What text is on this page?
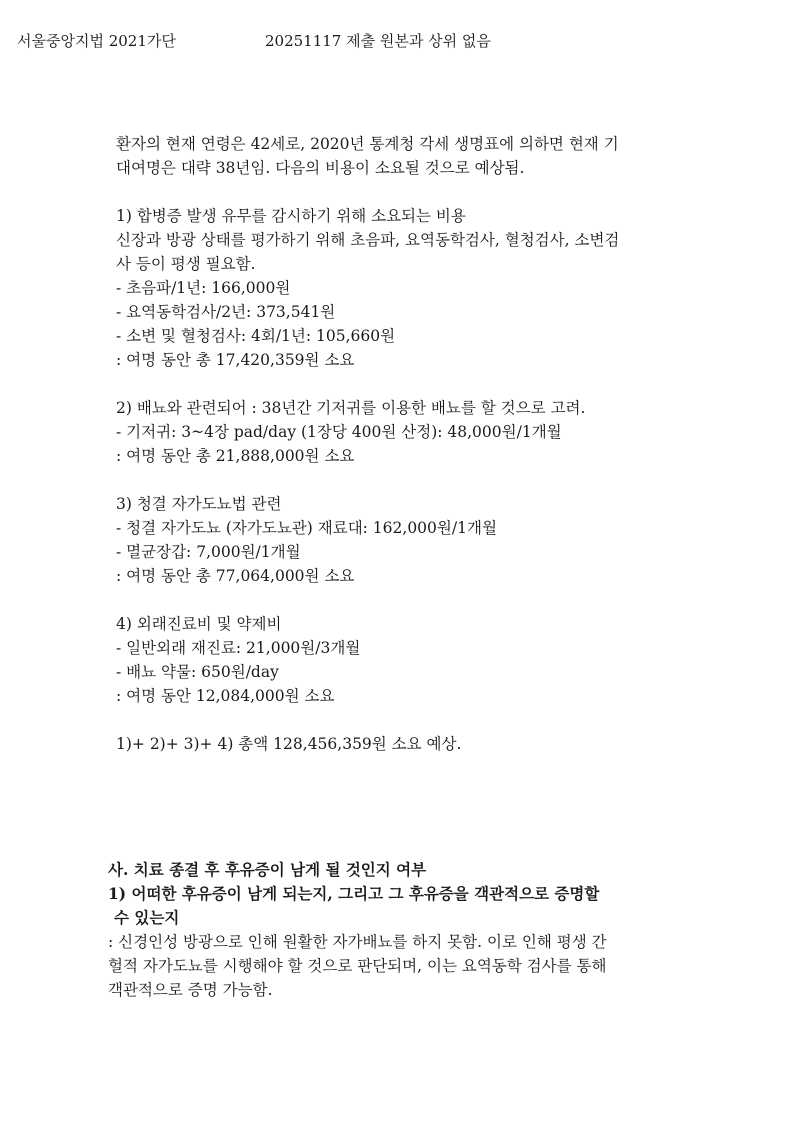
서울중앙지법 2021가단	20251117 제출 원본과 상위 없음
환자의 현재 연령은 42세로, 2020년 통계청 각세 생명표에 의하면 현재 기
대여명은 대략 38년임. 다음의 비용이 소요될 것으로 예상됨.
1) 합병증 발생 유무를 감시하기 위해 소요되는 비용
신장과 방광 상태를 평가하기 위해 초음파, 요역동학검사, 혈청검사, 소변검
사 등이 평생 필요함.
- 초음파/1년: 166,000원
- 요역동학검사/2년: 373,541원
- 소변 및 혈청검사: 4회/1년: 105,660원
: 여명 동안 총 17,420,359원 소요
2) 배뇨와 관련되어 : 38년간 기저귀를 이용한 배뇨를 할 것으로 고려.
- 기저귀: 3~4장 pad/day (1장당 400원 산정): 48,000원/1개월
: 여명 동안 총 21,888,000원 소요
3) 청결 자가도뇨법 관련
- 청결 자가도뇨 (자가도뇨관) 재료대: 162,000원/1개월
- 멸균장갑: 7,000원/1개월
: 여명 동안 총 77,064,000원 소요
4) 외래진료비 및 약제비
- 일반외래 재진료: 21,000원/3개월
- 배뇨 약물: 650원/day
: 여명 동안 12,084,000원 소요
1)+ 2)+ 3)+ 4) 총액 128,456,359원 소요 예상.
사. 치료 종결 후 후유증이 남게 될 것인지 여부
1) 어떠한 후유증이 남게 되는지, 그리고 그 후유증을 객관적으로 증명할
수 있는지
: 신경인성 방광으로 인해 원활한 자가배뇨를 하지 못함. 이로 인해 평생 간
헐적 자가도뇨를 시행해야 할 것으로 판단되며, 이는 요역동학 검사를 통해
객관적으로 증명 가능함.
